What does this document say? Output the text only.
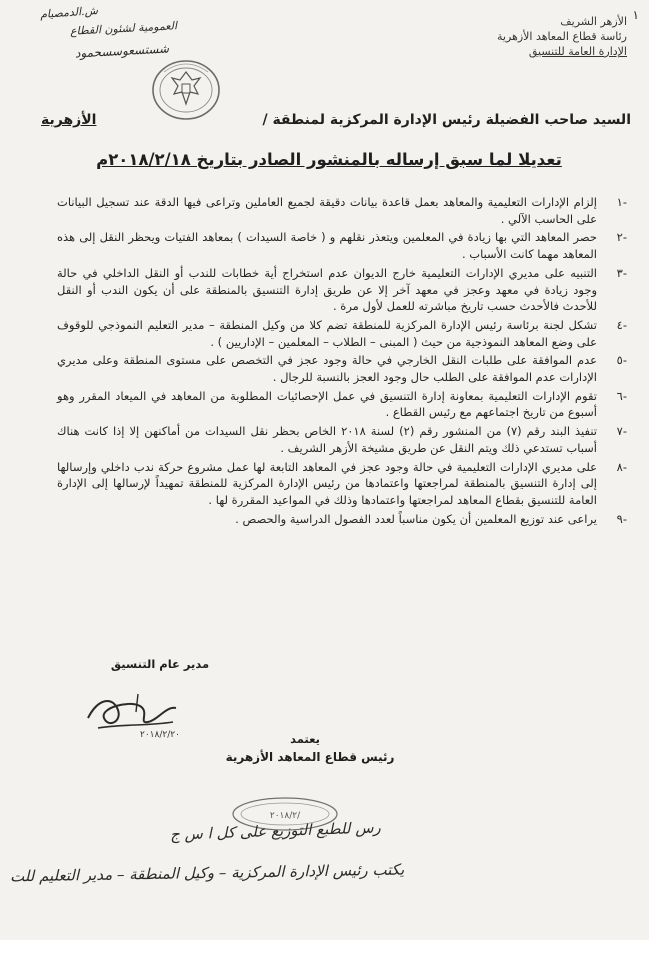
١
الأزهر الشريف
رئاسة قطاع المعاهد الأزهرية
الإدارة العامة للتنسيق
ش.الدمصيام
العمومية لشئون القطاع
شستسعوسسحمود
السيد صاحب الفضيلة رئيس الإدارة المركزية لمنطقة /
الأزهرية
تعديلا لما سبق إرساله بالمنشور الصادر بتاريخ ٢٠١٨/٢/١٨م
-١
إلزام الإدارات التعليمية والمعاهد بعمل قاعدة بيانات دقيقة لجميع العاملين وتراعى فيها الدقة عند تسجيل البيانات على الحاسب الآلي .
-٢
حصر المعاهد التي بها زيادة في المعلمين ويتعذر نقلهم و ( خاصة السيدات ) بمعاهد الفتيات ويحظر النقل إلى هذه المعاهد مهما كانت الأسباب .
-٣
التنبيه على مديري الإدارات التعليمية خارج الديوان عدم استخراج أية خطابات للندب أو النقل الداخلي في حالة وجود زيادة في معهد وعجز في معهد آخر إلا عن طريق إدارة التنسيق بالمنطقة على أن يكون الندب أو النقل للأحدث فالأحدث حسب تاريخ مباشرته للعمل لأول مرة .
-٤
تشكل لجنة برئاسة رئيس الإدارة المركزية للمنطقة تضم كلا من وكيل المنطقة – مدير التعليم النموذجي للوقوف على وضع المعاهد النموذجية من حيث ( المبنى – الطلاب – المعلمين – الإداريين ) .
-٥
عدم الموافقة على طلبات النقل الخارجي في حالة وجود عجز في التخصص على مستوى المنطقة وعلى مديري الإدارات عدم الموافقة على الطلب حال وجود العجز بالنسبة للرجال .
-٦
تقوم الإدارات التعليمية بمعاونة إدارة التنسيق في عمل الإحصائيات المطلوبة من المعاهد في الميعاد المقرر وهو أسبوع من تاريخ اجتماعهم مع رئيس القطاع .
-٧
تنفيذ البند رقم (٧) من المنشور رقم (٢) لسنة ٢٠١٨ الخاص بحظر نقل السيدات من أماكنهن إلا إذا كانت هناك أسباب تستدعي ذلك ويتم النقل عن طريق مشيخة الأزهر الشريف .
-٨
على مديري الإدارات التعليمية في حالة وجود عجز في المعاهد التابعة لها عمل مشروع حركة ندب داخلي وإرسالها إلى إدارة التنسيق بالمنطقة لمراجعتها واعتمادها من رئيس الإدارة المركزية للمنطقة تمهيداً لإرسالها إلى الإدارة العامة للتنسيق بقطاع المعاهد لمراجعتها واعتمادها وذلك في المواعيد المقررة لها .
-٩
يراعى عند توزيع المعلمين أن يكون مناسباً لعدد الفصول الدراسية والحصص .
مدير عام التنسيق
٢٠١٨/٢/٢٠	يعتمد
رئيس قطاع المعاهد الأزهرية
٢٠١٨/٢/
رس للطبع التوزيع على كل ا س ج
يكتب رئيس الإدارة المركزية – وكيل المنطقة – مدير التعليم للت
